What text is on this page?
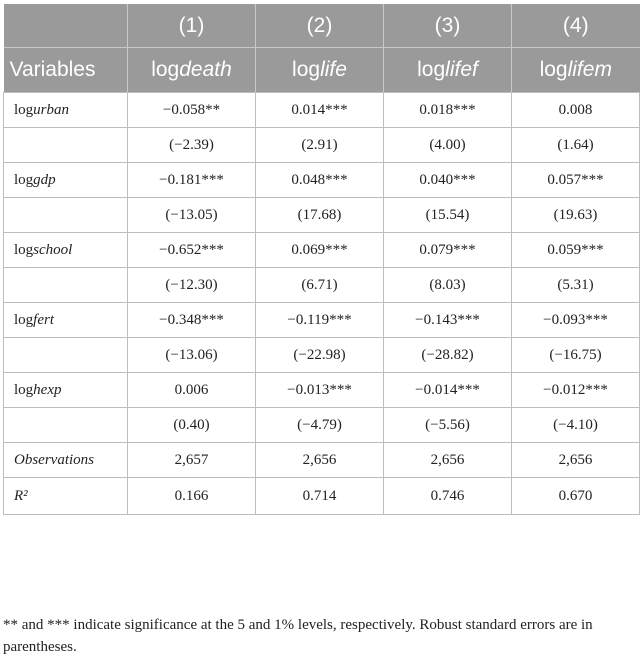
	(1)	(2)	(3)	(4)
Variables	logdeath	loglife	loglifef	loglifem
logurban	−0.058**	0.014***	0.018***	0.008
	(−2.39)	(2.91)	(4.00)	(1.64)
loggdp	−0.181***	0.048***	0.040***	0.057***
	(−13.05)	(17.68)	(15.54)	(19.63)
logschool	−0.652***	0.069***	0.079***	0.059***
	(−12.30)	(6.71)	(8.03)	(5.31)
logfert	−0.348***	−0.119***	−0.143***	−0.093***
	(−13.06)	(−22.98)	(−28.82)	(−16.75)
loghexp	0.006	−0.013***	−0.014***	−0.012***
	(0.40)	(−4.79)	(−5.56)	(−4.10)
Observations	2,657	2,656	2,656	2,656
R²	0.166	0.714	0.746	0.670
** and *** indicate significance at the 5 and 1% levels, respectively. Robust standard errors are in parentheses.
